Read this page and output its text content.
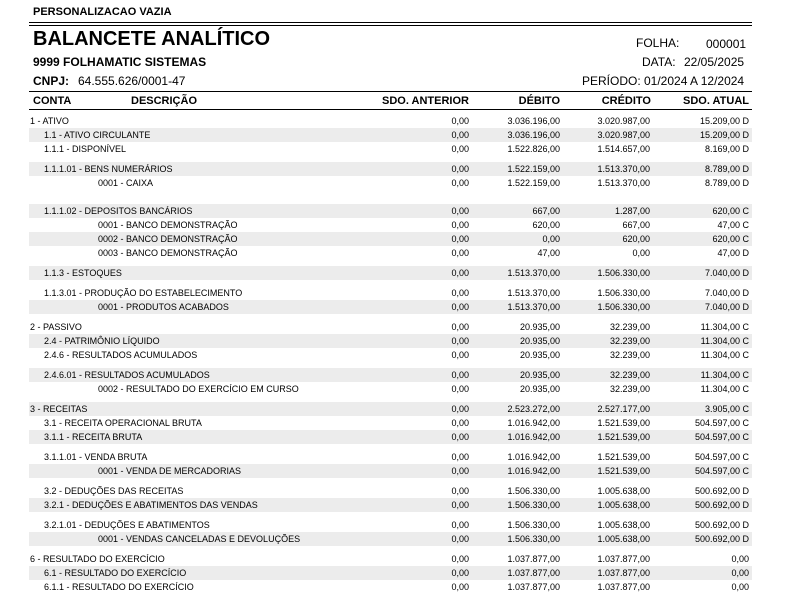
PERSONALIZACAO VAZIA
BALANCETE ANALÍTICO
9999 FOLHAMATIC SISTEMAS
CNPJ: 64.555.626/0001-47
FOLHA: 000001
DATA: 22/05/2025
PERÍODO: 01/2024 A 12/2024
CONTA	DESCRIÇÃO	SDO. ANTERIOR	DÉBITO	CRÉDITO	SDO. ATUAL
1 - ATIVO	0,00	3.036.196,00	3.020.987,00	15.209,00 D
1.1 - ATIVO CIRCULANTE	0,00	3.036.196,00	3.020.987,00	15.209,00 D
1.1.1 - DISPONÍVEL	0,00	1.522.826,00	1.514.657,00	8.169,00 D
1.1.1.01 - BENS NUMERÁRIOS	0,00	1.522.159,00	1.513.370,00	8.789,00 D
0001 - CAIXA	0,00	1.522.159,00	1.513.370,00	8.789,00 D
1.1.1.02 - DEPOSITOS BANCÁRIOS	0,00	667,00	1.287,00	620,00 C
0001 - BANCO DEMONSTRAÇÃO	0,00	620,00	667,00	47,00 C
0002 - BANCO DEMONSTRAÇÃO	0,00	0,00	620,00	620,00 C
0003 - BANCO DEMONSTRAÇÃO	0,00	47,00	0,00	47,00 D
1.1.3 - ESTOQUES	0,00	1.513.370,00	1.506.330,00	7.040,00 D
1.1.3.01 - PRODUÇÃO DO ESTABELECIMENTO	0,00	1.513.370,00	1.506.330,00	7.040,00 D
0001 - PRODUTOS ACABADOS	0,00	1.513.370,00	1.506.330,00	7.040,00 D
2 - PASSIVO	0,00	20.935,00	32.239,00	11.304,00 C
2.4 - PATRIMÔNIO LÍQUIDO	0,00	20.935,00	32.239,00	11.304,00 C
2.4.6 - RESULTADOS ACUMULADOS	0,00	20.935,00	32.239,00	11.304,00 C
2.4.6.01 - RESULTADOS ACUMULADOS	0,00	20.935,00	32.239,00	11.304,00 C
0002 - RESULTADO DO EXERCÍCIO EM CURSO	0,00	20.935,00	32.239,00	11.304,00 C
3 - RECEITAS	0,00	2.523.272,00	2.527.177,00	3.905,00 C
3.1 - RECEITA OPERACIONAL BRUTA	0,00	1.016.942,00	1.521.539,00	504.597,00 C
3.1.1 - RECEITA BRUTA	0,00	1.016.942,00	1.521.539,00	504.597,00 C
3.1.1.01 - VENDA BRUTA	0,00	1.016.942,00	1.521.539,00	504.597,00 C
0001 - VENDA DE MERCADORIAS	0,00	1.016.942,00	1.521.539,00	504.597,00 C
3.2 - DEDUÇÕES DAS RECEITAS	0,00	1.506.330,00	1.005.638,00	500.692,00 D
3.2.1 - DEDUÇÕES E ABATIMENTOS DAS VENDAS	0,00	1.506.330,00	1.005.638,00	500.692,00 D
3.2.1.01 - DEDUÇÕES E ABATIMENTOS	0,00	1.506.330,00	1.005.638,00	500.692,00 D
0001 - VENDAS CANCELADAS E DEVOLUÇÕES	0,00	1.506.330,00	1.005.638,00	500.692,00 D
6 - RESULTADO DO EXERCÍCIO	0,00	1.037.877,00	1.037.877,00	0,00
6.1 - RESULTADO DO EXERCÍCIO	0,00	1.037.877,00	1.037.877,00	0,00
6.1.1 - RESULTADO DO EXERCÍCIO	0,00	1.037.877,00	1.037.877,00	0,00
